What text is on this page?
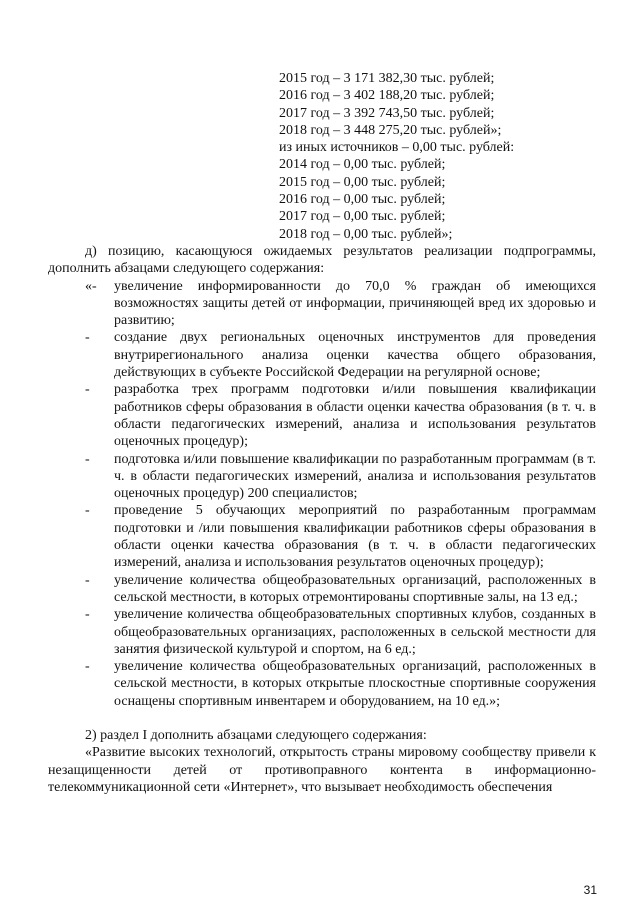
2015 год – 3 171 382,30 тыс. рублей;
2016 год – 3 402 188,20 тыс. рублей;
2017 год – 3 392 743,50 тыс. рублей;
2018 год – 3 448 275,20 тыс. рублей»;
из иных источников – 0,00 тыс. рублей:
2014 год – 0,00 тыс. рублей;
2015 год – 0,00 тыс. рублей;
2016 год – 0,00 тыс. рублей;
2017 год – 0,00 тыс. рублей;
2018 год – 0,00 тыс. рублей»;

д) позицию, касающуюся ожидаемых результатов реализации подпрограммы, дополнить абзацами следующего содержания:

«- увеличение информированности до 70,0 % граждан об имеющихся возможностях защиты детей от информации, причиняющей вред их здоровью и развитию;
- создание двух региональных оценочных инструментов для проведения внутрирегионального анализа оценки качества общего образования, действующих в субъекте Российской Федерации на регулярной основе;
- разработка трех программ подготовки и/или повышения квалификации работников сферы образования в области оценки качества образования (в т. ч. в области педагогических измерений, анализа и использования результатов оценочных процедур);
- подготовка и/или повышение квалификации по разработанным программам (в т. ч. в области педагогических измерений, анализа и использования результатов оценочных процедур) 200 специалистов;
- проведение 5 обучающих мероприятий по разработанным программам подготовки и /или повышения квалификации работников сферы образования в области оценки качества образования (в т. ч. в области педагогических измерений, анализа и использования результатов оценочных процедур);
- увеличение количества общеобразовательных организаций, расположенных в сельской местности, в которых отремонтированы спортивные залы, на 13 ед.;
- увеличение количества общеобразовательных спортивных клубов, созданных в общеобразовательных организациях, расположенных в сельской местности для занятия физической культурой и спортом, на 6 ед.;
- увеличение количества общеобразовательных организаций, расположенных в сельской местности, в которых открытые плоскостные спортивные сооружения оснащены спортивным инвентарем и оборудованием, на 10 ед.»;

2) раздел I дополнить абзацами следующего содержания:

«Развитие высоких технологий, открытость страны мировому сообществу привели к незащищенности детей от противоправного контента в информационно-телекоммуникационной сети «Интернет», что вызывает необходимость обеспечения

31
